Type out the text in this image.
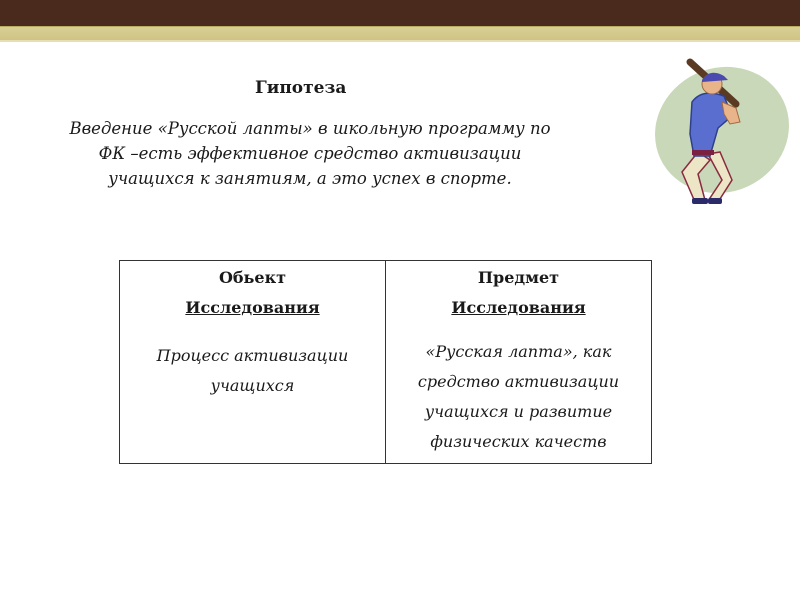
Гипотеза
Введение «Русской лапты» в школьную программу по
ФК –есть эффективное средство активизации
учащихся к занятиям, а это успех в спорте.
Обьект
Исследования
Процесс активизации
учащихся
Предмет
Исследования
«Русская лапта», как
средство активизации
учащихся и развитие
физических качеств
